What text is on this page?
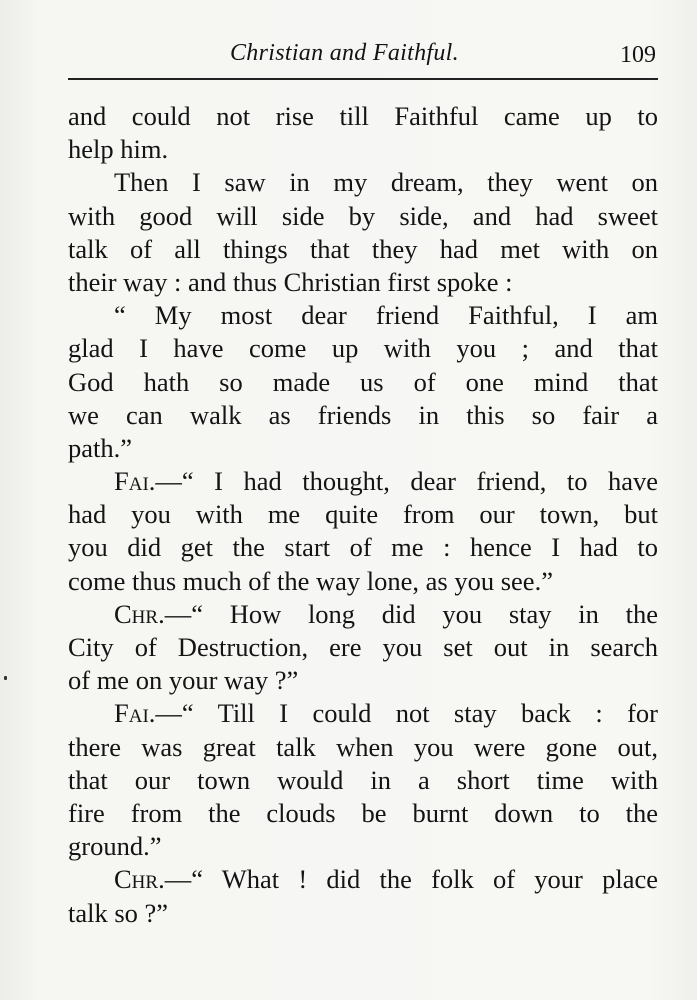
Christian and Faithful.	109
and could not rise till Faithful came up to
help him.
Then I saw in my dream, they went on
with good will side by side, and had sweet
talk of all things that they had met with on
their way : and thus Christian first spoke :
“ My most dear friend Faithful, I am
glad I have come up with you ; and that
God hath so made us of one mind that
we can walk as friends in this so fair a
path.”
Fai.—“ I had thought, dear friend, to have
had you with me quite from our town, but
you did get the start of me : hence I had to
come thus much of the way lone, as you see.”
Chr.—“ How long did you stay in the
City of Destruction, ere you set out in search
of me on your way ?”
Fai.—“ Till I could not stay back : for
there was great talk when you were gone out,
that our town would in a short time with
fire from the clouds be burnt down to the
ground.”
Chr.—“ What ! did the folk of your place
talk so ?”
